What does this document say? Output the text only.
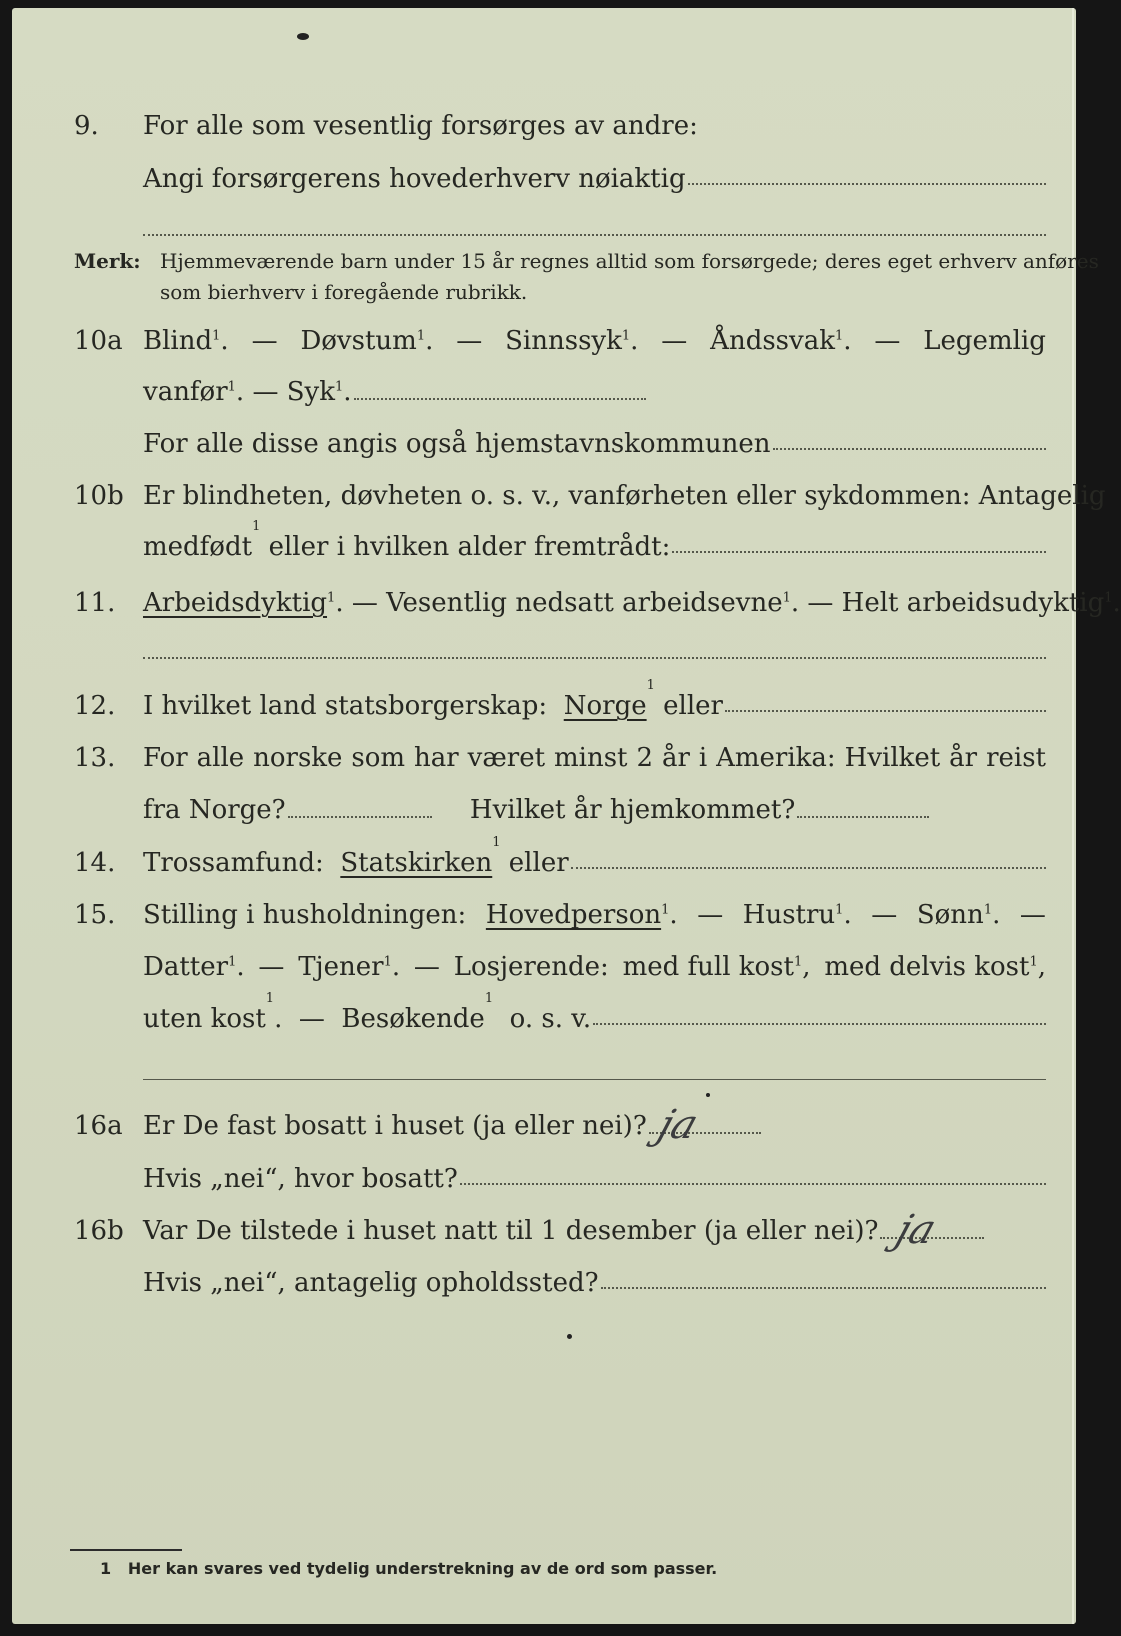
9. For alle som vesentlig forsørges av andre:
Angi forsørgerens hovederhverv nøiaktig
Merk: Hjemmeværende barn under 15 år regnes alltid som forsørgede; deres eget erhverv anføres som bierhverv i foregående rubrikk.
10a Blind$^1$. — Døvstum$^1$. — Sinnssyk$^1$. — Åndssvak$^1$. — Legemlig
vanfør$^1$. — Syk$^1$.
For alle disse angis også hjemstavnskommunen
10b Er blindheten, døvheten o. s. v., vanførheten eller sykdommen: Antagelig
medfødt
1

eller i hvilken alder fremtrådt:
11. Arbeidsdyktig$^1$. — Vesentlig nedsatt arbeidsevne$^1$. — Helt arbeidsudyktig$^1$.
12. I hvilket land statsborgerskap:
Norge
1

eller
13. For alle norske som har været minst 2 år i Amerika: Hvilket år reist
fra Norge?	Hvilket år hjemkommet?
14. Trossamfund:
Statskirken
1

eller
15. Stilling i husholdningen: Hovedperson$^1$. — Hustru$^1$. — Sønn$^1$. —
Datter$^1$. — Tjener$^1$. — Losjerende: med full kost$^1$, med delvis kost$^1$,
uten kost
1
.
—
Besøkende
1

o. s. v.
16a Er De fast bosatt i huset (ja eller nei)? ja
Hvis „nei“, hvor bosatt?
16b Var De tilstede i huset natt til 1 desember (ja eller nei)? ja
Hvis „nei“, antagelig opholdssted?
1 Her kan svares ved tydelig understrekning av de ord som passer.
